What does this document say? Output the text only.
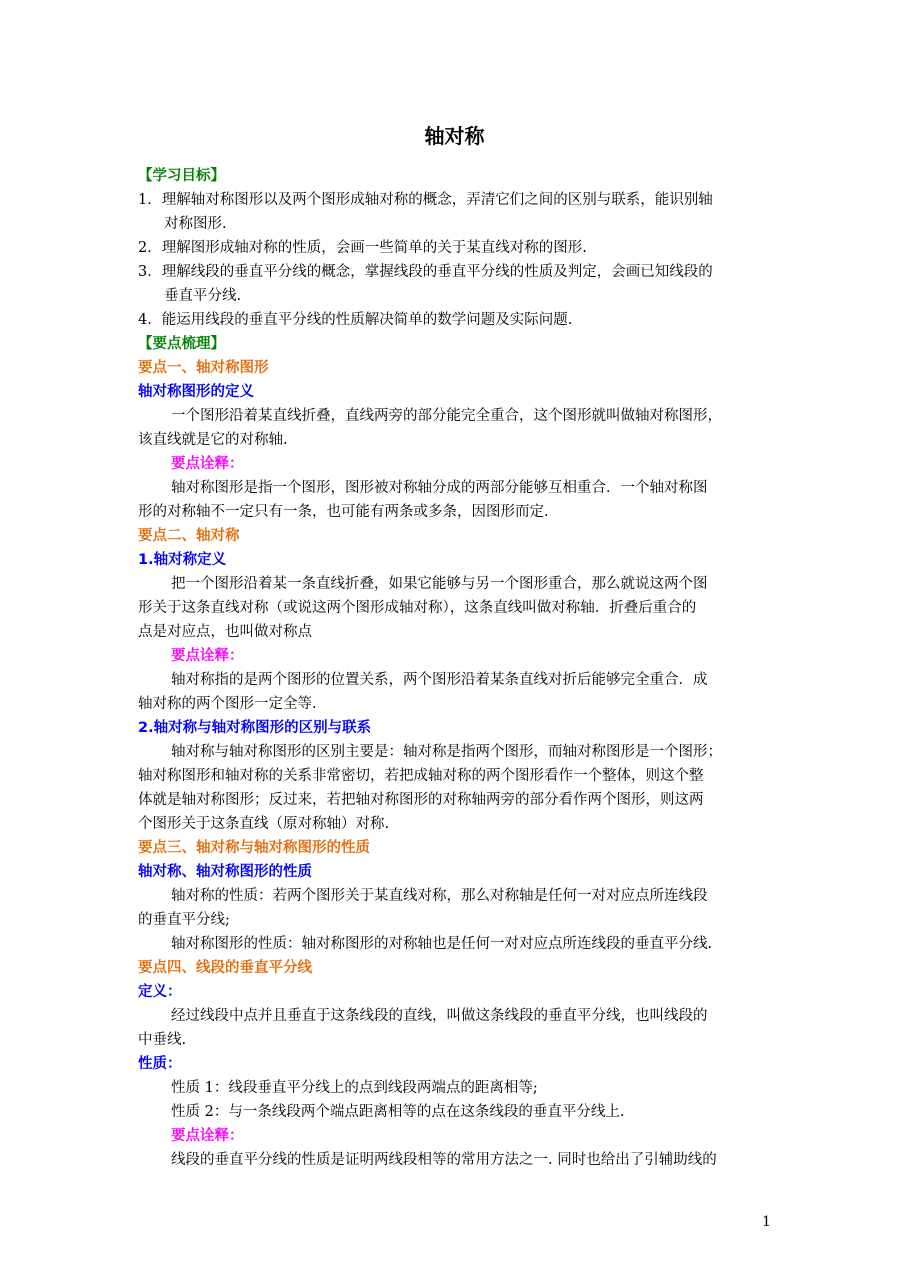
轴对称
【学习目标】
1．理解轴对称图形以及两个图形成轴对称的概念，弄清它们之间的区别与联系，能识别轴
对称图形.
2．理解图形成轴对称的性质，会画一些简单的关于某直线对称的图形.
3．理解线段的垂直平分线的概念，掌握线段的垂直平分线的性质及判定，会画已知线段的
垂直平分线.
4．能运用线段的垂直平分线的性质解决简单的数学问题及实际问题.
【要点梳理】
要点一、轴对称图形
轴对称图形的定义
一个图形沿着某直线折叠，直线两旁的部分能完全重合，这个图形就叫做轴对称图形，
该直线就是它的对称轴.
要点诠释：
轴对称图形是指一个图形，图形被对称轴分成的两部分能够互相重合．一个轴对称图
形的对称轴不一定只有一条，也可能有两条或多条，因图形而定.
要点二、轴对称
1.轴对称定义
把一个图形沿着某一条直线折叠，如果它能够与另一个图形重合，那么就说这两个图
形关于这条直线对称（或说这两个图形成轴对称），这条直线叫做对称轴．折叠后重合的
点是对应点，也叫做对称点
要点诠释：
轴对称指的是两个图形的位置关系，两个图形沿着某条直线对折后能够完全重合．成
轴对称的两个图形一定全等.
2.轴对称与轴对称图形的区别与联系
轴对称与轴对称图形的区别主要是：轴对称是指两个图形，而轴对称图形是一个图形；
轴对称图形和轴对称的关系非常密切，若把成轴对称的两个图形看作一个整体，则这个整
体就是轴对称图形；反过来，若把轴对称图形的对称轴两旁的部分看作两个图形，则这两
个图形关于这条直线（原对称轴）对称.
要点三、轴对称与轴对称图形的性质
轴对称、轴对称图形的性质
轴对称的性质：若两个图形关于某直线对称，那么对称轴是任何一对对应点所连线段
的垂直平分线;
轴对称图形的性质：轴对称图形的对称轴也是任何一对对应点所连线段的垂直平分线.
要点四、线段的垂直平分线
定义：
经过线段中点并且垂直于这条线段的直线，叫做这条线段的垂直平分线，也叫线段的
中垂线.
性质：
性质 1：线段垂直平分线上的点到线段两端点的距离相等;
性质 2：与一条线段两个端点距离相等的点在这条线段的垂直平分线上.
要点诠释：
线段的垂直平分线的性质是证明两线段相等的常用方法之一. 同时也给出了引辅助线的
1
